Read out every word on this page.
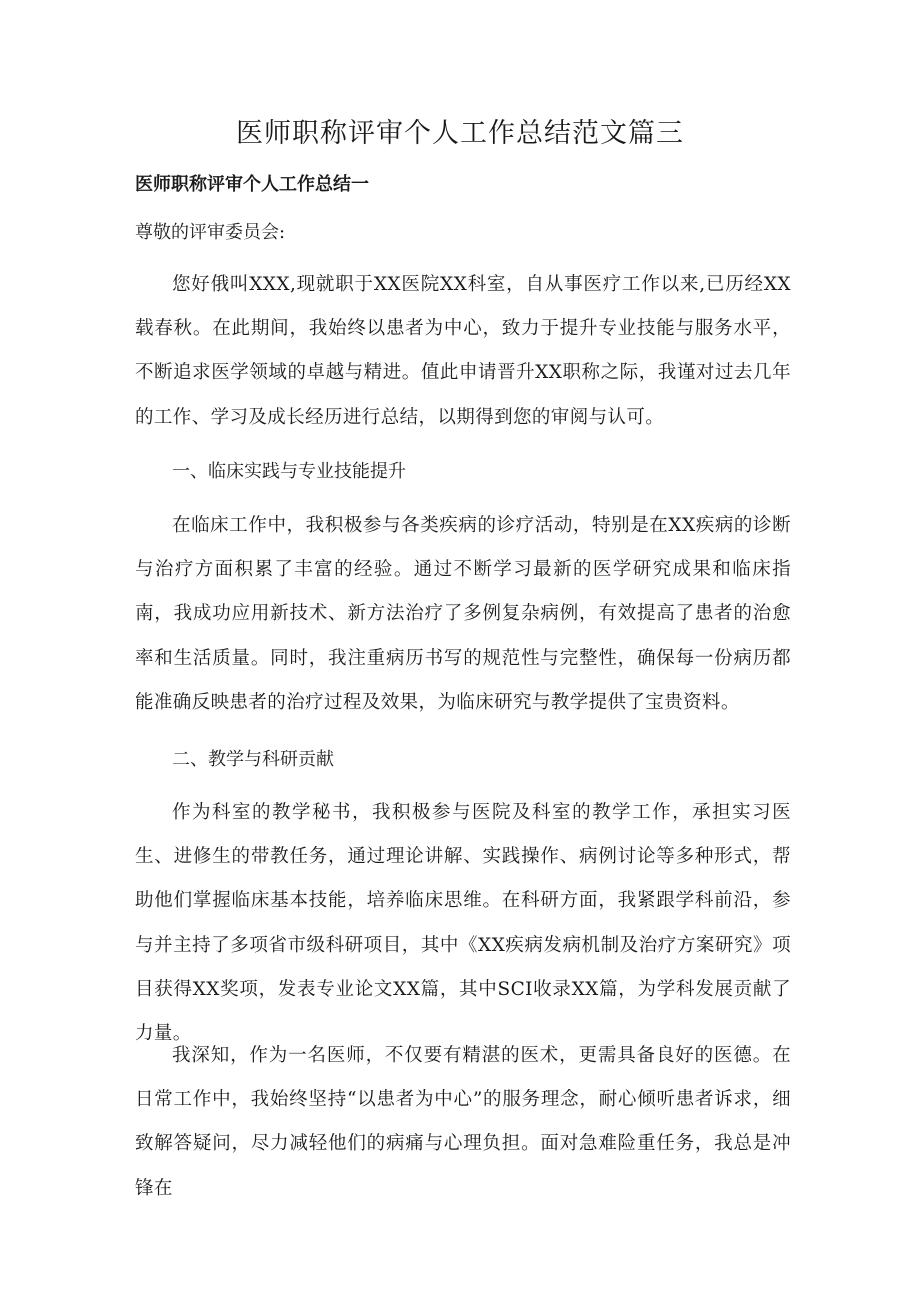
医师职称评审个人工作总结范文篇三
医师职称评审个人工作总结一

尊敬的评审委员会:

您好俄叫XXX,现就职于XX医院XX科室，自从事医疗工作以来,已历经XX载春秋。在此期间，我始终以患者为中心，致力于提升专业技能与服务水平，不断追求医学领域的卓越与精进。值此申请晋升XX职称之际，我谨对过去几年的工作、学习及成长经历进行总结，以期得到您的审阅与认可。

一、临床实践与专业技能提升

在临床工作中，我积极参与各类疾病的诊疗活动，特别是在XX疾病的诊断与治疗方面积累了丰富的经验。通过不断学习最新的医学研究成果和临床指南，我成功应用新技术、新方法治疗了多例复杂病例，有效提高了患者的治愈率和生活质量。同时，我注重病历书写的规范性与完整性，确保每一份病历都能准确反映患者的治疗过程及效果，为临床研究与教学提供了宝贵资料。

二、教学与科研贡献

作为科室的教学秘书，我积极参与医院及科室的教学工作，承担实习医生、进修生的带教任务，通过理论讲解、实践操作、病例讨论等多种形式，帮助他们掌握临床基本技能，培养临床思维。在科研方面，我紧跟学科前沿，参与并主持了多项省市级科研项目，其中《XX疾病发病机制及治疗方案研究》项目获得XX奖项，发表专业论文XX篇，其中SCI收录XX篇，为学科发展贡献了力量。

我深知，作为一名医师，不仅要有精湛的医术，更需具备良好的医德。在日常工作中，我始终坚持“以患者为中心”的服务理念，耐心倾听患者诉求，细致解答疑问，尽力减轻他们的病痛与心理负担。面对急难险重任务，我总是冲锋在
